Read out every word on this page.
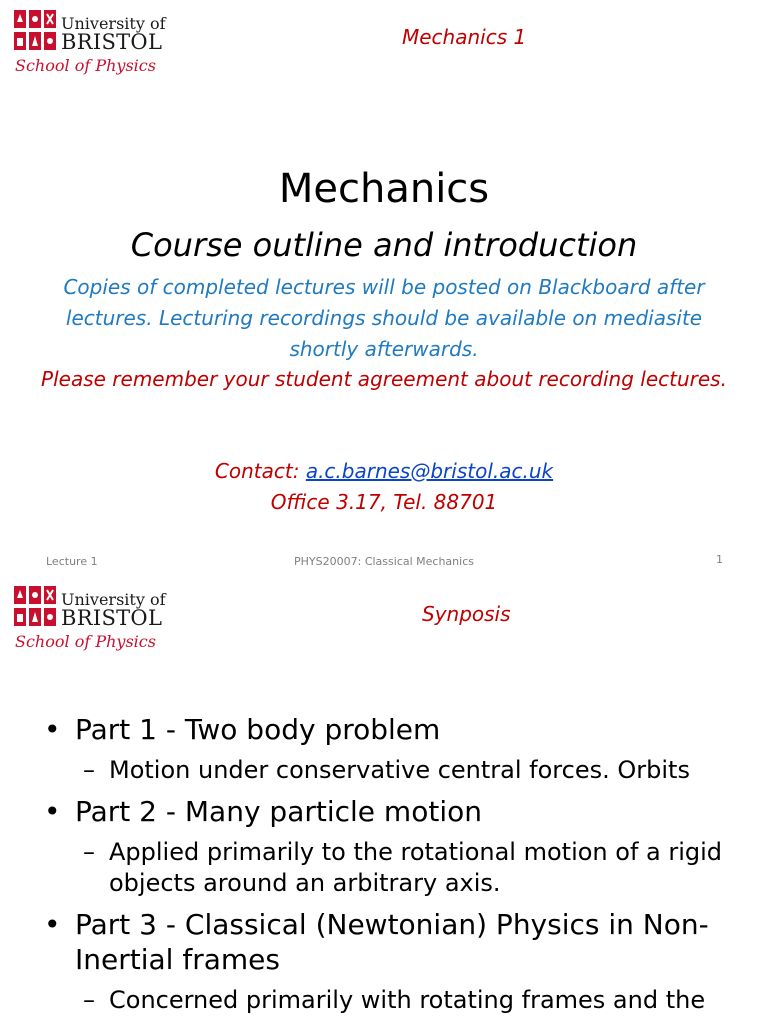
University of
BRISTOL
School of Physics
Mechanics 1
Mechanics
Course outline and introduction
Copies of completed lectures will be posted on Blackboard after lectures. Lecturing recordings should be available on mediasite shortly afterwards.
Please remember your student agreement about recording lectures.
Contact: a.c.barnes@bristol.ac.uk
Office 3.17, Tel. 88701
Lecture 1	PHYS20007: Classical Mechanics	1
University of
BRISTOL
School of Physics
Synposis
• Part 1 - Two body problem
– Motion under conservative central forces. Orbits
• Part 2 - Many particle motion
– Applied primarily to the rotational motion of a rigid objects around an arbitrary axis.
• Part 3 - Classical (Newtonian) Physics in Non-Inertial frames
– Concerned primarily with rotating frames and the
